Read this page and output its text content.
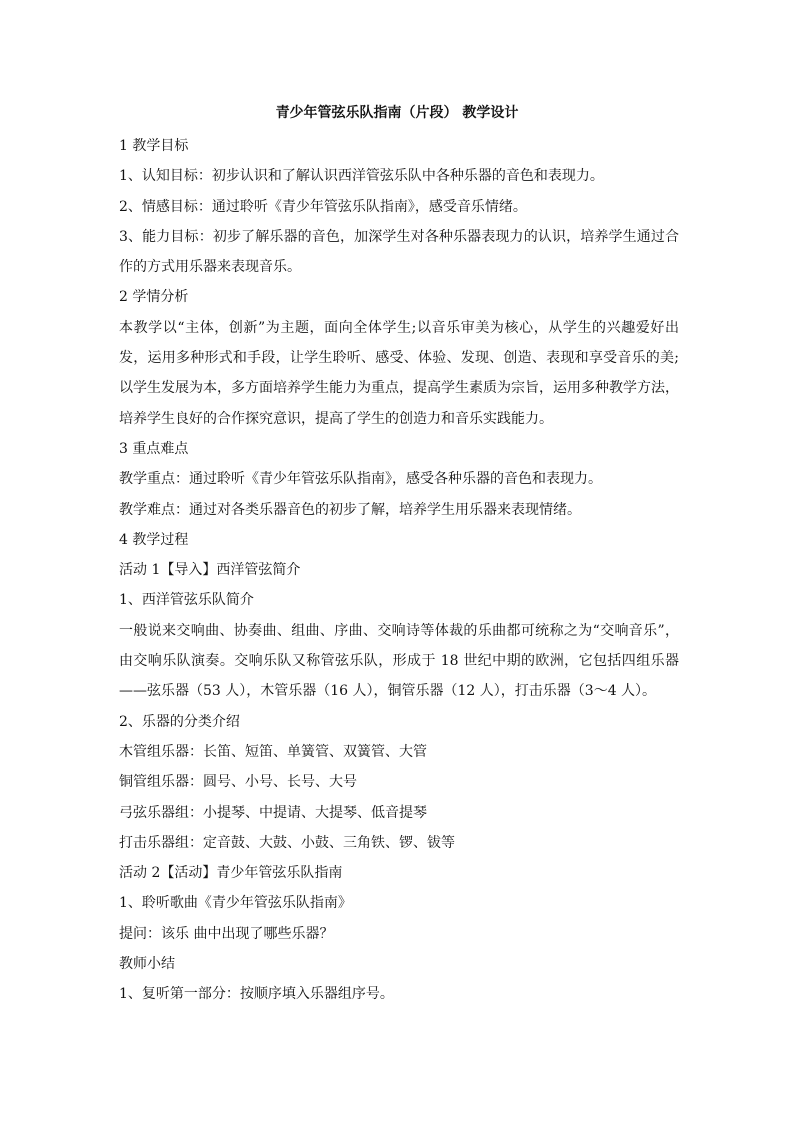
青少年管弦乐队指南（片段） 教学设计
1 教学目标
1、认知目标：初步认识和了解认识西洋管弦乐队中各种乐器的音色和表现力。
2、情感目标：通过聆听《青少年管弦乐队指南》，感受音乐情绪。
3、能力目标：初步了解乐器的音色，加深学生对各种乐器表现力的认识，培养学生通过合作的方式用乐器来表现音乐。
2 学情分析
本教学以“主体，创新”为主题，面向全体学生;以音乐审美为核心，从学生的兴趣爱好出发，运用多种形式和手段，让学生聆听、感受、体验、发现、创造、表现和享受音乐的美;以学生发展为本，多方面培养学生能力为重点，提高学生素质为宗旨，运用多种教学方法，培养学生良好的合作探究意识，提高了学生的创造力和音乐实践能力。
3 重点难点
教学重点：通过聆听《青少年管弦乐队指南》，感受各种乐器的音色和表现力。
教学难点：通过对各类乐器音色的初步了解，培养学生用乐器来表现情绪。
4 教学过程
活动 1【导入】西洋管弦简介
1、西洋管弦乐队简介
一般说来交响曲、协奏曲、组曲、序曲、交响诗等体裁的乐曲都可统称之为“交响音乐”，由交响乐队演奏。交响乐队又称管弦乐队，形成于 18 世纪中期的欧洲，它包括四组乐器——弦乐器（53 人），木管乐器（16 人），铜管乐器（12 人），打击乐器（3～4 人）。
2、乐器的分类介绍
木管组乐器：长笛、短笛、单簧管、双簧管、大管
铜管组乐器：圆号、小号、长号、大号
弓弦乐器组：小提琴、中提请、大提琴、低音提琴
打击乐器组：定音鼓、大鼓、小鼓、三角铁、锣、钹等
活动 2【活动】青少年管弦乐队指南
1、聆听歌曲《青少年管弦乐队指南》
提问：该乐 曲中出现了哪些乐器？
教师小结
1、复听第一部分：按顺序填入乐器组序号。
